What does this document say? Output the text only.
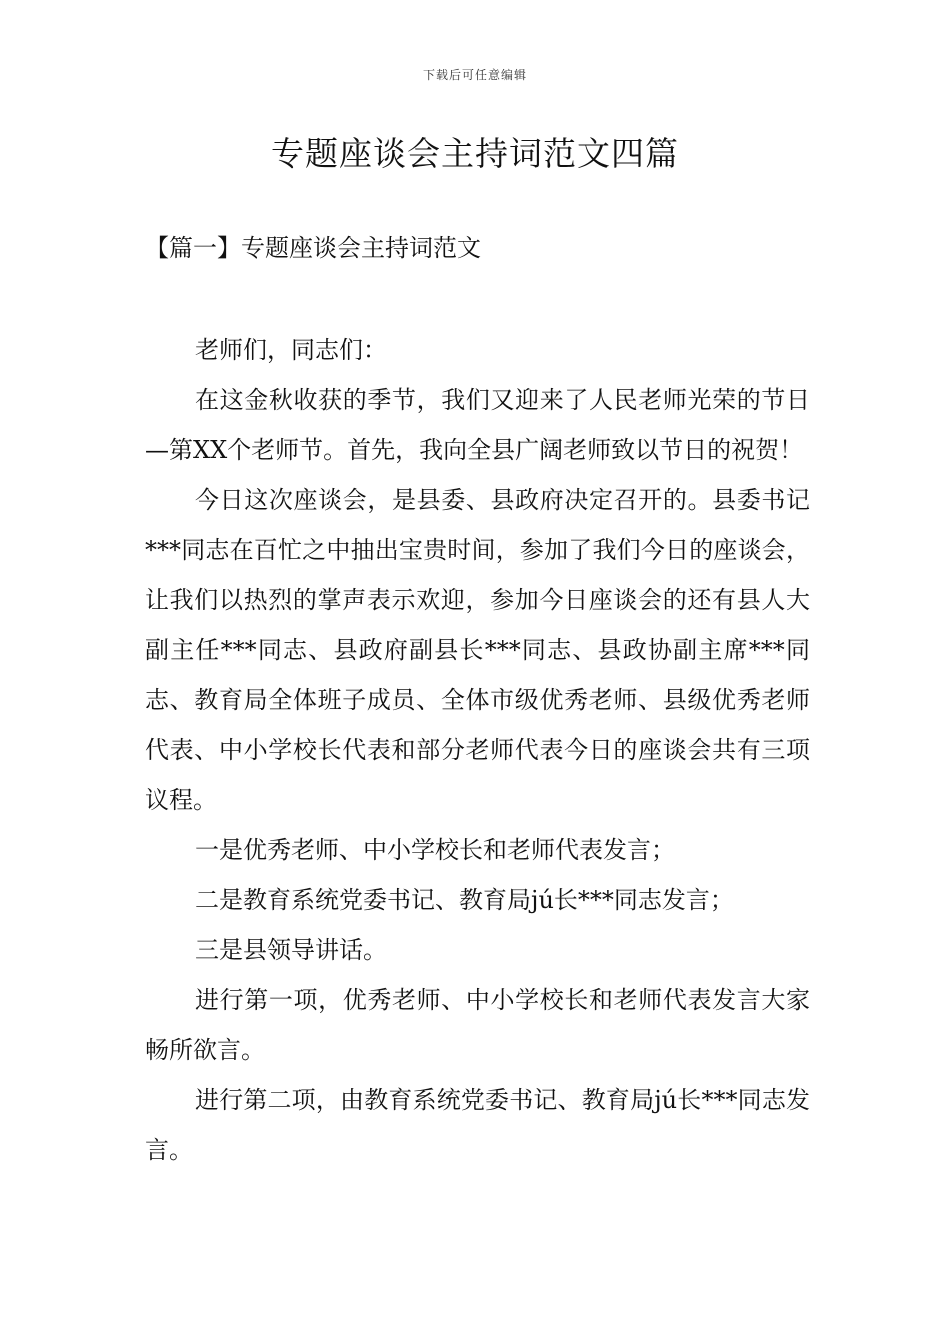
下载后可任意编辑
专题座谈会主持词范文四篇
【篇一】专题座谈会主持词范文

老师们，同志们：

在这金秋收获的季节，我们又迎来了人民老师光荣的节日—第XX个老师节。首先，我向全县广阔老师致以节日的祝贺！

今日这次座谈会，是县委、县政府决定召开的。县委书记***同志在百忙之中抽出宝贵时间，参加了我们今日的座谈会，让我们以热烈的掌声表示欢迎，参加今日座谈会的还有县人大副主任***同志、县政府副县长***同志、县政协副主席***同志、教育局全体班子成员、全体市级优秀老师、县级优秀老师代表、中小学校长代表和部分老师代表今日的座谈会共有三项议程。

一是优秀老师、中小学校长和老师代表发言；

二是教育系统党委书记、教育局jú长***同志发言；

三是县领导讲话。

进行第一项，优秀老师、中小学校长和老师代表发言大家畅所欲言。

进行第二项，由教育系统党委书记、教育局jú长***同志发言。
